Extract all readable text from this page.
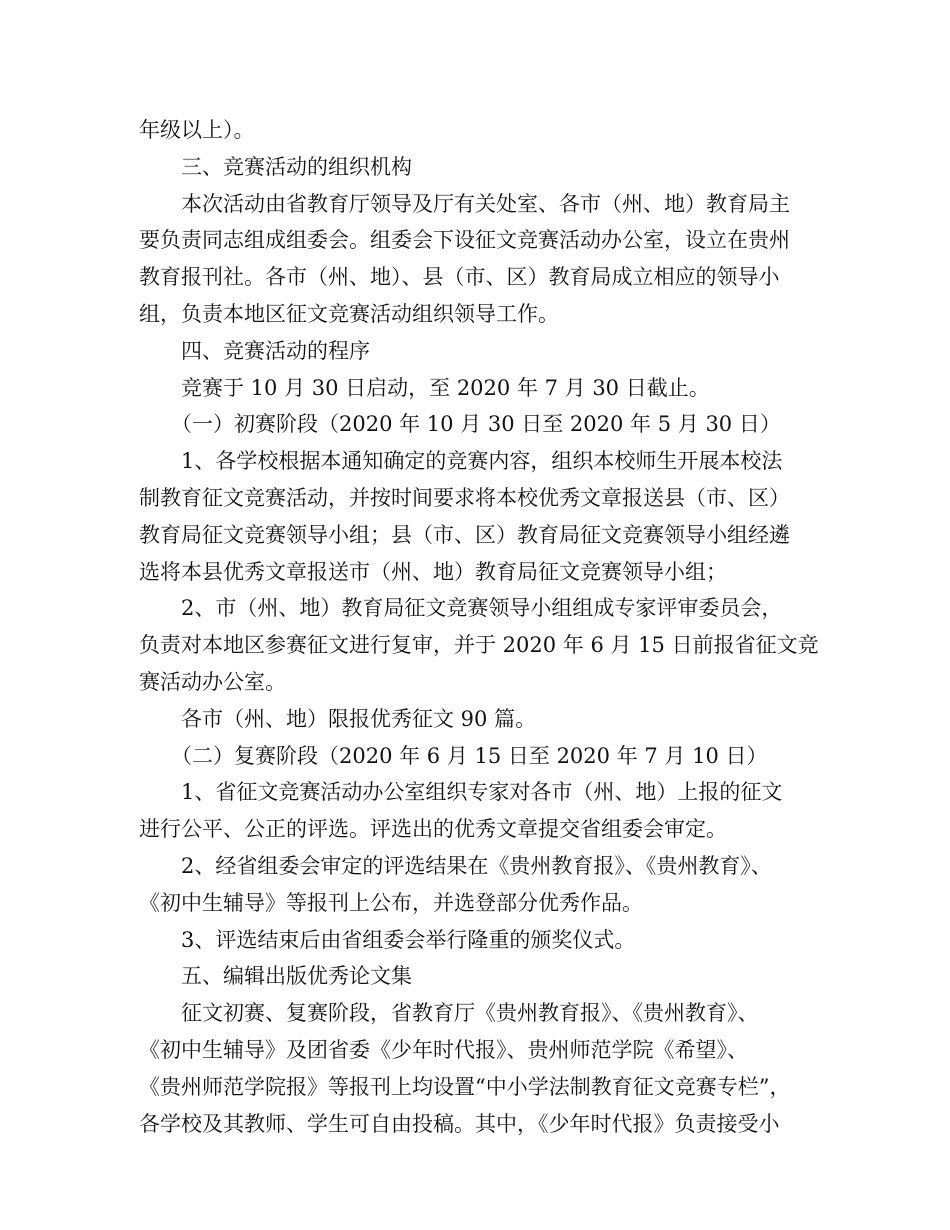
年级以上）。
三、竞赛活动的组织机构
本次活动由省教育厅领导及厅有关处室、各市（州、地）教育局主
要负责同志组成组委会。组委会下设征文竞赛活动办公室，设立在贵州
教育报刊社。各市（州、地）、县（市、区）教育局成立相应的领导小
组，负责本地区征文竞赛活动组织领导工作。
四、竞赛活动的程序
竞赛于 10 月 30 日启动，至 2020 年 7 月 30 日截止。
（一）初赛阶段（2020 年 10 月 30 日至 2020 年 5 月 30 日）
1、各学校根据本通知确定的竞赛内容，组织本校师生开展本校法
制教育征文竞赛活动，并按时间要求将本校优秀文章报送县（市、区）
教育局征文竞赛领导小组；县（市、区）教育局征文竞赛领导小组经遴
选将本县优秀文章报送市（州、地）教育局征文竞赛领导小组；
2、市（州、地）教育局征文竞赛领导小组组成专家评审委员会，
负责对本地区参赛征文进行复审，并于 2020 年 6 月 15 日前报省征文竞
赛活动办公室。
各市（州、地）限报优秀征文 90 篇。
（二）复赛阶段（2020 年 6 月 15 日至 2020 年 7 月 10 日）
1、省征文竞赛活动办公室组织专家对各市（州、地）上报的征文
进行公平、公正的评选。评选出的优秀文章提交省组委会审定。
2、经省组委会审定的评选结果在《贵州教育报》、《贵州教育》、
《初中生辅导》等报刊上公布，并选登部分优秀作品。
3、评选结束后由省组委会举行隆重的颁奖仪式。
五、编辑出版优秀论文集
征文初赛、复赛阶段，省教育厅《贵州教育报》、《贵州教育》、
《初中生辅导》及团省委《少年时代报》、贵州师范学院《希望》、
《贵州师范学院报》等报刊上均设置“中小学法制教育征文竞赛专栏”，
各学校及其教师、学生可自由投稿。其中，《少年时代报》负责接受小
